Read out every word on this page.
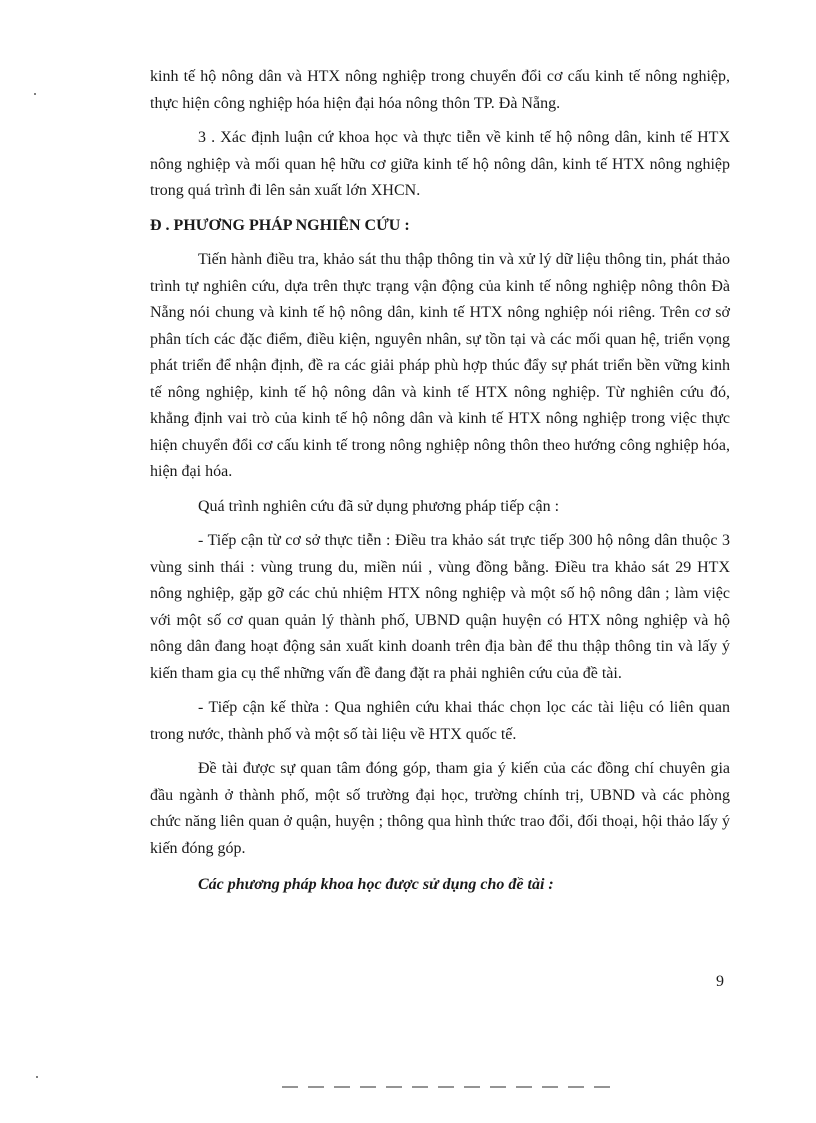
kinh tế hộ nông dân và HTX nông nghiệp trong chuyển đổi cơ cấu kinh tế nông nghiệp, thực hiện công nghiệp hóa hiện đại hóa nông thôn TP. Đà Nẵng.

3 . Xác định luận cứ khoa học và thực tiễn về kinh tế hộ nông dân, kinh tế HTX nông nghiệp và mối quan hệ hữu cơ giữa kinh tế hộ nông dân, kinh tế HTX nông nghiệp trong quá trình đi lên sản xuất lớn XHCN.

Đ . PHƯƠNG PHÁP NGHIÊN CỨU :

Tiến hành điều tra, khảo sát thu thập thông tin và xử lý dữ liệu thông tin, phát thảo trình tự nghiên cứu, dựa trên thực trạng vận động của kinh tế nông nghiệp nông thôn Đà Nẵng nói chung và kinh tế hộ nông dân, kinh tế HTX nông nghiệp nói riêng. Trên cơ sở phân tích các đặc điểm, điều kiện, nguyên nhân, sự tồn tại và các mối quan hệ, triển vọng phát triển để nhận định, đề ra các giải pháp phù hợp thúc đẩy sự phát triển bền vững kinh tế nông nghiệp, kinh tế hộ nông dân và kinh tế HTX nông nghiệp. Từ nghiên cứu đó, khẳng định vai trò của kinh tế hộ nông dân và kinh tế HTX nông nghiệp trong việc thực hiện chuyển đổi cơ cấu kinh tế trong nông nghiệp nông thôn theo hướng công nghiệp hóa, hiện đại hóa.

Quá trình nghiên cứu đã sử dụng phương pháp tiếp cận :

- Tiếp cận từ cơ sở thực tiễn : Điều tra khảo sát trực tiếp 300 hộ nông dân thuộc 3 vùng sinh thái : vùng trung du, miền núi , vùng đồng bằng. Điều tra khảo sát 29 HTX nông nghiệp, gặp gỡ các chủ nhiệm HTX nông nghiệp và một số hộ nông dân ; làm việc với một số cơ quan quản lý thành phố, UBND quận huyện có HTX nông nghiệp và hộ nông dân đang hoạt động sản xuất kinh doanh trên địa bàn để thu thập thông tin và lấy ý kiến tham gia cụ thể những vấn đề đang đặt ra phải nghiên cứu của đề tài.

- Tiếp cận kế thừa : Qua nghiên cứu khai thác chọn lọc các tài liệu có liên quan trong nước, thành phố và một số tài liệu về HTX quốc tế.

Đề tài được sự quan tâm đóng góp, tham gia ý kiến của các đồng chí chuyên gia đầu ngành ở thành phố, một số trường đại học, trường chính trị, UBND và các phòng chức năng liên quan ở quận, huyện ; thông qua hình thức trao đổi, đối thoại, hội thảo lấy ý kiến đóng góp.

Các phương pháp khoa học được sử dụng cho đề tài :

9
